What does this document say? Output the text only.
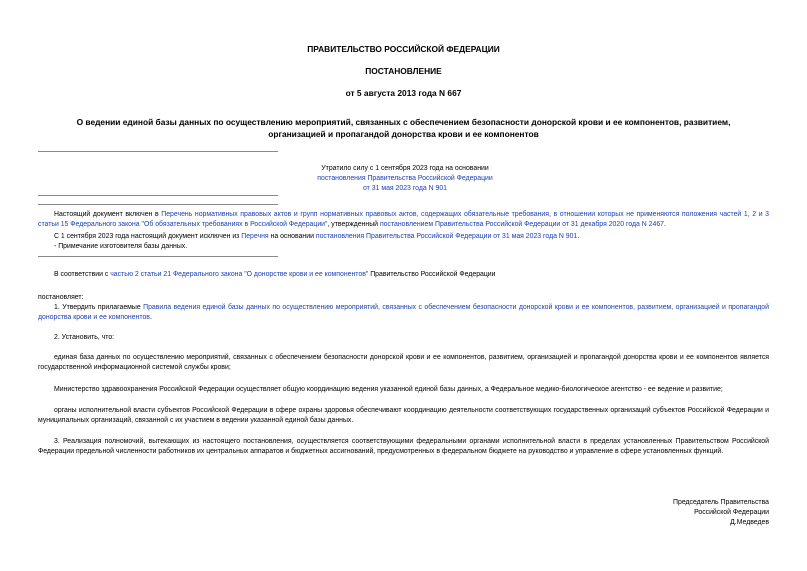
ПРАВИТЕЛЬСТВО РОССИЙСКОЙ ФЕДЕРАЦИИ
ПОСТАНОВЛЕНИЕ
от 5 августа 2013 года N 667
О ведении единой базы данных по осуществлению мероприятий, связанных с обеспечением безопасности донорской крови и ее компонентов, развитием,
организацией и пропагандой донорства крови и ее компонентов
Утратило силу с 1 сентября 2023 года на основании
постановления Правительства Российской Федерации
от 31 мая 2023 года N 901
Настоящий документ включен в Перечень нормативных правовых актов и групп нормативных правовых актов, содержащих обязательные требования, в отношении которых не применяются положения частей 1, 2 и 3 статьи 15 Федерального закона "Об обязательных требованиях в Российской Федерации", утвержденный постановлением Правительства Российской Федерации от 31 декабря 2020 года N 2467.
С 1 сентября 2023 года настоящий документ исключен из Перечня на основании постановления Правительства Российской Федерации от 31 мая 2023 года N 901.
- Примечание изготовителя базы данных.
В соответствии с частью 2 статьи 21 Федерального закона "О донорстве крови и ее компонентов" Правительство Российской Федерации
постановляет:
1. Утвердить прилагаемые Правила ведения единой базы данных по осуществлению мероприятий, связанных с обеспечением безопасности донорской крови и ее компонентов, развитием, организацией и пропагандой донорства крови и ее компонентов.
2. Установить, что:
единая база данных по осуществлению мероприятий, связанных с обеспечением безопасности донорской крови и ее компонентов, развитием, организацией и пропагандой донорства крови и ее компонентов является государственной информационной системой службы крови;
Министерство здравоохранения Российской Федерации осуществляет общую координацию ведения указанной единой базы данных, а Федеральное медико-биологическое агентство - ее ведение и развитие;
органы исполнительной власти субъектов Российской Федерации в сфере охраны здоровья обеспечивают координацию деятельности соответствующих государственных организаций субъектов Российской Федерации и муниципальных организаций, связанной с их участием в ведении указанной единой базы данных.
3. Реализация полномочий, вытекающих из настоящего постановления, осуществляется соответствующими федеральными органами исполнительной власти в пределах установленных Правительством Российской Федерации предельной численности работников их центральных аппаратов и бюджетных ассигнований, предусмотренных в федеральном бюджете на руководство и управление в сфере установленных функций.
Председатель Правительства
Российской Федерации
Д.Медведев
